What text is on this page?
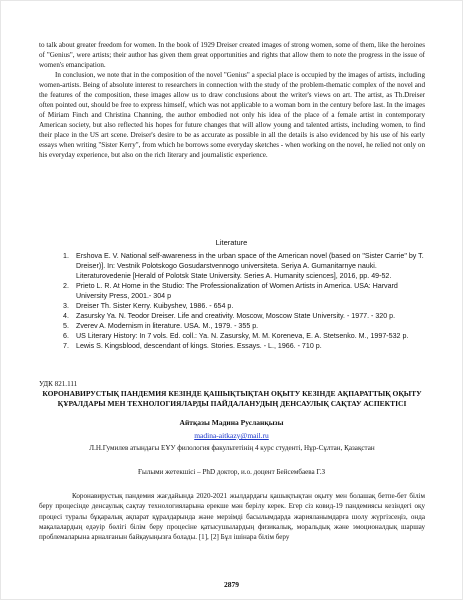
to talk about greater freedom for women. In the book of 1929 Dreiser created images of strong women, some of them, like the heroines of "Genius", were artists; their author has given them great opportunities and rights that allow them to note the progress in the issue of women's emancipation.

In conclusion, we note that in the composition of the novel "Genius" a special place is occupied by the images of artists, including women-artists. Being of absolute interest to researchers in connection with the study of the problem-thematic complex of the novel and the features of the composition, these images allow us to draw conclusions about the writer's views on art. The artist, as Th.Dreiser often pointed out, should be free to express himself, which was not applicable to a woman born in the century before last. In the images of Miriam Finch and Christina Channing, the author embodied not only his idea of the place of a female artist in contemporary American society, but also reflected his hopes for future changes that will allow young and talented artists, including women, to find their place in the US art scene. Dreiser's desire to be as accurate as possible in all the details is also evidenced by his use of his early essays when writing "Sister Kerry", from which he borrows some everyday sketches - when working on the novel, he relied not only on his everyday experience, but also on the rich literary and journalistic experience.

Literature
1. Ershova E. V. National self-awareness in the urban space of the American novel (based on "Sister Carrie" by T. Dreiser)]. In: Vestnik Polotskogo Gosudarstvennogo universiteta. Seriya A. Gumanitarnye nauki. Literaturovedenie [Herald of Polotsk State University. Series A. Humanity sciences], 2016, pp. 49-52.
2. Prieto L. R. At Home in the Studio: The Professionalization of Women Artists in America. USA: Harvard University Press, 2001.- 304 p
3. Dreiser Th. Sister Kerry. Kuibyshev, 1986. - 654 p.
4. Zasursky Ya. N. Teodor Dreiser. Life and creativity. Moscow, Moscow State University. - 1977. - 320 p.
5. Zverev A. Modernism in literature. USA. M., 1979. - 355 p.
6. US Literary History: In 7 vols. Ed. coll.: Ya. N. Zasursky, M. M. Koreneva, E. A. Stetsenko. M., 1997-532 p.
7. Lewis S. Kingsblood, descendant of kings. Stories. Essays. - L., 1966. - 710 p.
УДК 821.111
КОРОНАВИРУСТЫҚ ПАНДЕМИЯ КЕЗІНДЕ ҚАШЫҚТЫҚТАН ОҚЫТУ КЕЗІНДЕ АҚПАРАТТЫҚ ОҚЫТУ ҚҰРАЛДАРЫ МЕН ТЕХНОЛОГИЯЛАРДЫ ПАЙДАЛАНУДЫҢ ДЕНСАУЛЫҚ САҚТАУ АСПЕКТІСІ
Айтқазы Мадина Русланқызы
madina-aitkazy@mail.ru
Л.Н.Гумилев атындағы ЕҰУ филология факультетінің 4 курс студенті, Нұр-Сұлтан, Қазақстан
Ғылыми жетекшісі – PhD доктор, и.о. доцент Бейсембаева Г.З

Коронавирустық пандемия жағдайында 2020-2021 жылдардағы қашықтықтан оқыту мен болашақ бетпе-бет білім беру процесінде денсаулық сақтау технологияларына ерекше мән берілу керек. Егер сіз ковид-19 пандемиясы кезіндегі оқу процесі туралы бұқаралық ақпарат құралдарында және мерзімді басылымдарда жарияланымдарға шолу жүргізсеңіз, онда мақалалардың едәуір бөлігі білім беру процесіне қатысушылардың физикалық, моральдық және эмоционалдық шаршау проблемаларына арналғанын байқауыңызға болады. [1], [2] Бұл ішінара білім беру

2879
